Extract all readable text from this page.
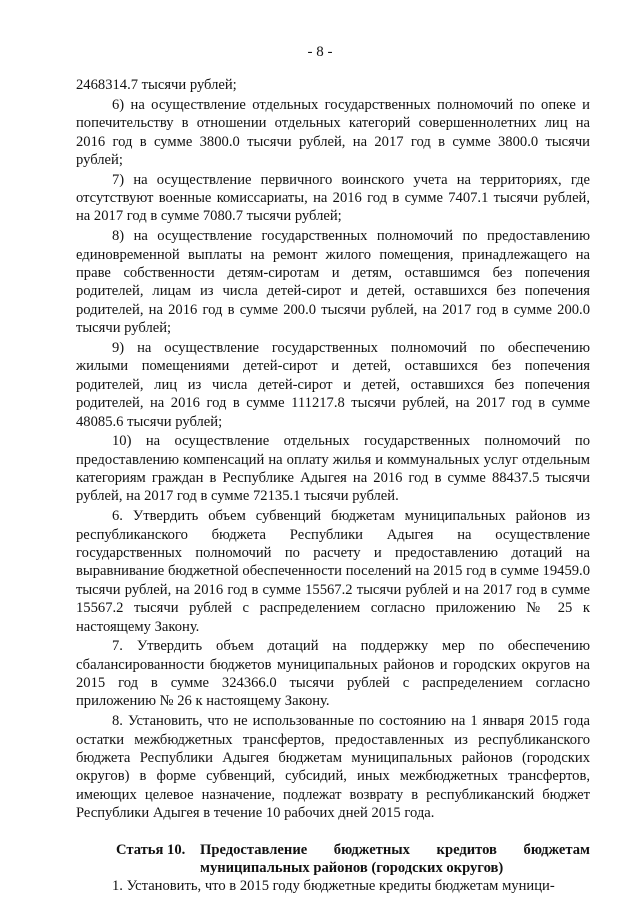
- 8 -

2468314.7 тысячи рублей;

6) на осуществление отдельных государственных полномочий по опеке и попечительству в отношении отдельных категорий совершеннолетних лиц на 2016 год в сумме 3800.0 тысячи рублей, на 2017 год в сумме 3800.0 тысячи рублей;

7) на осуществление первичного воинского учета на территориях, где отсутствуют военные комиссариаты, на 2016 год в сумме 7407.1 тысячи рублей, на 2017 год в сумме 7080.7 тысячи рублей;

8) на осуществление государственных полномочий по предоставлению единовременной выплаты на ремонт жилого помещения, принадлежащего на праве собственности детям-сиротам и детям, оставшимся без попечения родителей, лицам из числа детей-сирот и детей, оставшихся без попечения родителей, на 2016 год в сумме 200.0 тысячи рублей, на 2017 год в сумме 200.0 тысячи рублей;

9) на осуществление государственных полномочий по обеспечению жилыми помещениями детей-сирот и детей, оставшихся без попечения родителей, лиц из числа детей-сирот и детей, оставшихся без попечения родителей, на 2016 год в сумме 111217.8 тысячи рублей, на 2017 год в сумме 48085.6 тысячи рублей;

10) на осуществление отдельных государственных полномочий по предоставлению компенсаций на оплату жилья и коммунальных услуг отдельным категориям граждан в Республике Адыгея на 2016 год в сумме 88437.5 тысячи рублей, на 2017 год в сумме 72135.1 тысячи рублей.

6. Утвердить объем субвенций бюджетам муниципальных районов из республиканского бюджета Республики Адыгея на осуществление государственных полномочий по расчету и предоставлению дотаций на выравнивание бюджетной обеспеченности поселений на 2015 год в сумме 19459.0 тысячи рублей, на 2016 год в сумме 15567.2 тысячи рублей и на 2017 год в сумме 15567.2 тысячи рублей с распределением согласно приложению № 25 к настоящему Закону.

7. Утвердить объем дотаций на поддержку мер по обеспечению сбалансированности бюджетов муниципальных районов и городских округов на 2015 год в сумме 324366.0 тысячи рублей с распределением согласно приложению № 26 к настоящему Закону.

8. Установить, что не использованные по состоянию на 1 января 2015 года остатки межбюджетных трансфертов, предоставленных из республиканского бюджета Республики Адыгея бюджетам муниципальных районов (городских округов) в форме субвенций, субсидий, иных межбюджетных трансфертов, имеющих целевое назначение, подлежат возврату в республиканский бюджет Республики Адыгея в течение 10 рабочих дней 2015 года.

Статья 10.	Предоставление бюджетных кредитов бюджетам муниципальных районов (городских округов)

1. Установить, что в 2015 году бюджетные кредиты бюджетам муници-
